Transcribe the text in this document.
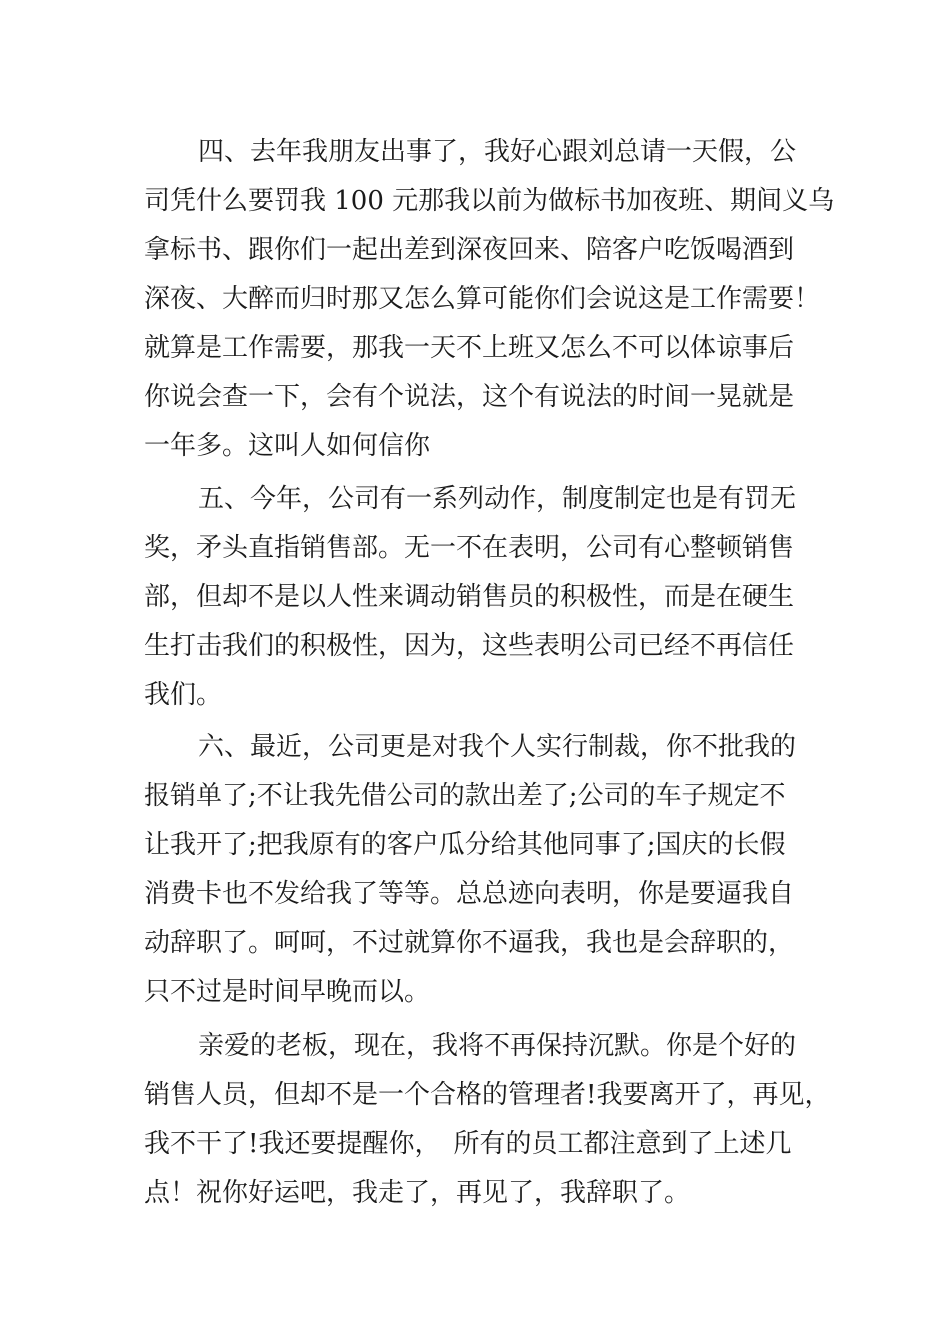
四、去年我朋友出事了，我好心跟刘总请一天假，公
司凭什么要罚我 100 元那我以前为做标书加夜班、期间义乌
拿标书、跟你们一起出差到深夜回来、陪客户吃饭喝酒到
深夜、大醉而归时那又怎么算可能你们会说这是工作需要！
就算是工作需要，那我一天不上班又怎么不可以体谅事后
你说会查一下，会有个说法，这个有说法的时间一晃就是
一年多。这叫人如何信你
五、今年，公司有一系列动作，制度制定也是有罚无
奖，矛头直指销售部。无一不在表明，公司有心整顿销售
部，但却不是以人性来调动销售员的积极性，而是在硬生
生打击我们的积极性，因为，这些表明公司已经不再信任
我们。
六、最近，公司更是对我个人实行制裁，你不批我的
报销单了;不让我先借公司的款出差了;公司的车子规定不
让我开了;把我原有的客户瓜分给其他同事了;国庆的长假
消费卡也不发给我了等等。总总迹向表明，你是要逼我自
动辞职了。呵呵，不过就算你不逼我，我也是会辞职的，
只不过是时间早晚而以。
亲爱的老板，现在，我将不再保持沉默。你是个好的
销售人员，但却不是一个合格的管理者!我要离开了，再见，
我不干了!我还要提醒你，　所有的员工都注意到了上述几
点！祝你好运吧，我走了，再见了，我辞职了。
